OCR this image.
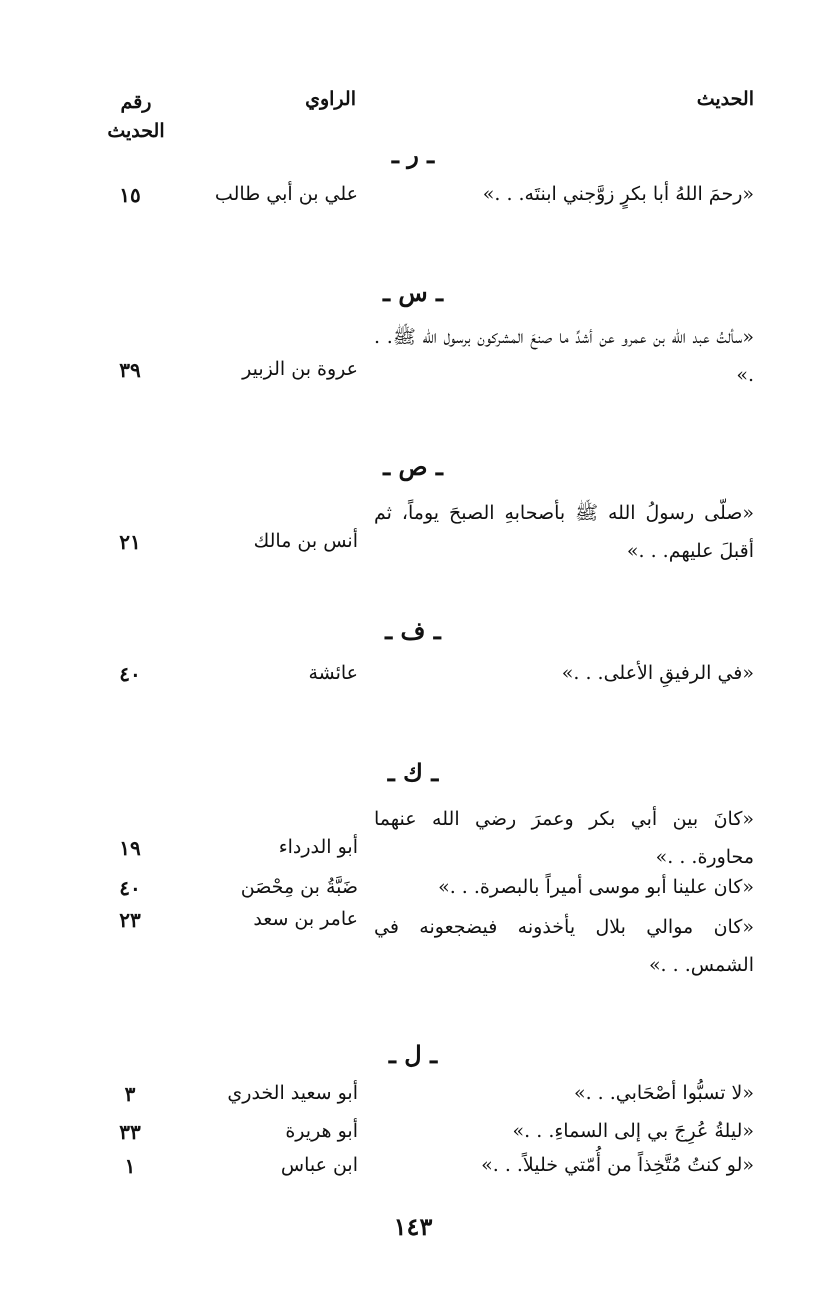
الحديث
الراوي
رقم
الحديث
ـ ر ـ
«رحمَ اللهُ أبا بكرٍ زوَّجني ابنتَه. . .»
علي بن أبي طالب
١٥
ـ س ـ
«سألتُ عبد الله بن عمرو عن أشدِّ ما صنعَ المشركون برسول الله ﷺ. . .»
عروة بن الزبير
٣٩
ـ ص ـ
«صلّى رسولُ الله ﷺ بأصحابهِ الصبحَ يوماً، ثم أقبلَ عليهم. . .»
أنس بن مالك
٢١
ـ ف ـ
«في الرفيقِ الأعلى. . .»
عائشة
٤٠
ـ ك ـ
«كانَ بين أبي بكر وعمرَ رضي الله عنهما محاورة. . .»
أبو الدرداء
١٩
«كان علينا أبو موسى أميراً بالبصرة. . .»
ضَبَّةُ بن مِحْصَن
٤٠
«كان موالي بلال يأخذونه فيضجعونه في الشمس. . .»
عامر بن سعد
٢٣
ـ ل ـ
«لا تسبُّوا أصْحَابي. . .»
أبو سعيد الخدري
٣
«ليلةُ عُرِجَ بي إلى السماءِ. . .»
أبو هريرة
٣٣
«لو كنتُ مُتَّخِذاً من أُمّتي خليلاً. . .»
ابن عباس
١
١٤٣
